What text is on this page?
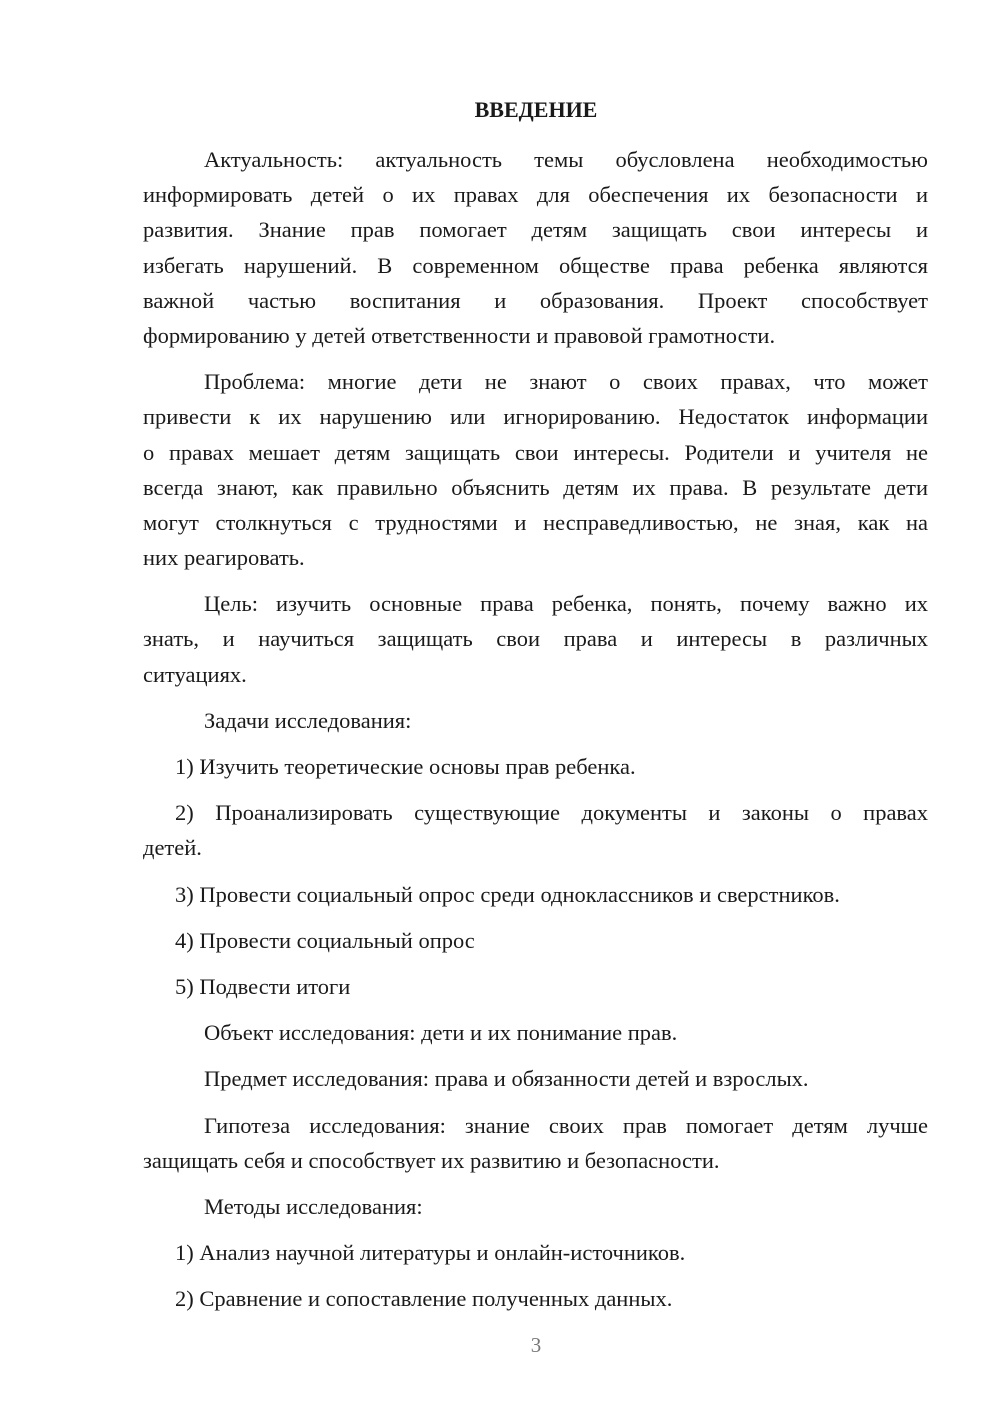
ВВЕДЕНИЕ
Актуальность: актуальность темы обусловлена необходимостью
информировать детей о их правах для обеспечения их безопасности и
развития. Знание прав помогает детям защищать свои интересы и
избегать нарушений. В современном обществе права ребенка являются
важной частью воспитания и образования. Проект способствует
формированию у детей ответственности и правовой грамотности.
Проблема: многие дети не знают о своих правах, что может
привести к их нарушению или игнорированию. Недостаток информации
о правах мешает детям защищать свои интересы. Родители и учителя не
всегда знают, как правильно объяснить детям их права. В результате дети
могут столкнуться с трудностями и несправедливостью, не зная, как на
них реагировать.
Цель: изучить основные права ребенка, понять, почему важно их
знать, и научиться защищать свои права и интересы в различных
ситуациях.
Задачи исследования:
1) Изучить теоретические основы прав ребенка.
2) Проанализировать существующие документы и законы о правах
детей.
3) Провести социальный опрос среди одноклассников и сверстников.
4) Провести социальный опрос
5) Подвести итоги
Объект исследования: дети и их понимание прав.
Предмет исследования: права и обязанности детей и взрослых.
Гипотеза исследования: знание своих прав помогает детям лучше
защищать себя и способствует их развитию и безопасности.
Методы исследования:
1) Анализ научной литературы и онлайн-источников.
2) Сравнение и сопоставление полученных данных.
3
